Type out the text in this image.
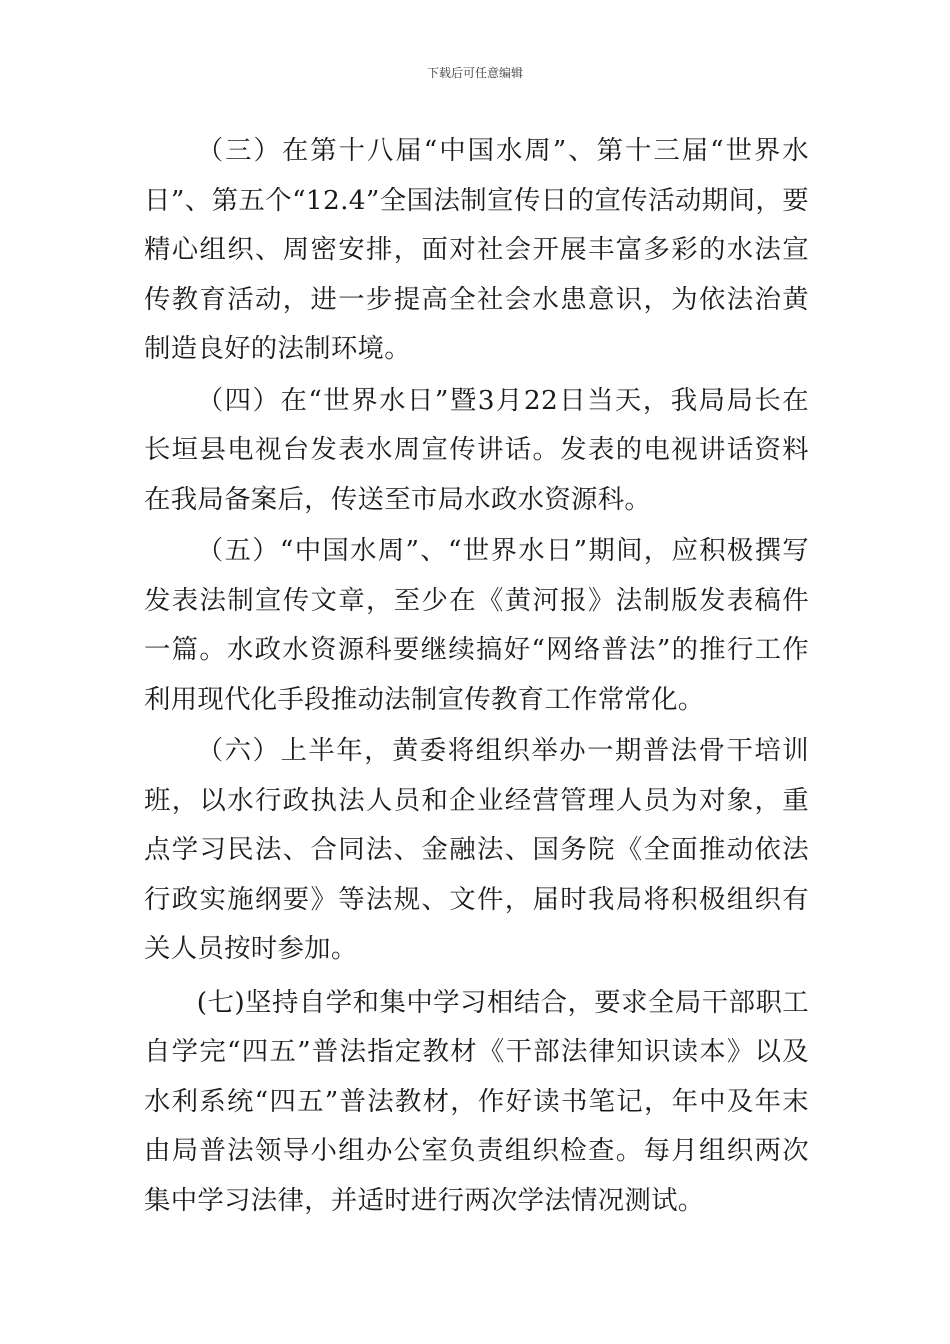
下载后可任意编辑

（三）在第十八届“中国水周”、第十三届“世界水日”、第五个“12.4”全国法制宣传日的宣传活动期间，要精心组织、周密安排，面对社会开展丰富多彩的水法宣传教育活动，进一步提高全社会水患意识，为依法治黄制造良好的法制环境。

（四）在“世界水日”暨3月22日当天，我局局长在长垣县电视台发表水周宣传讲话。发表的电视讲话资料在我局备案后，传送至市局水政水资源科。

（五）“中国水周”、“世界水日”期间，应积极撰写发表法制宣传文章，至少在《黄河报》法制版发表稿件一篇。水政水资源科要继续搞好“网络普法”的推行工作利用现代化手段推动法制宣传教育工作常常化。

（六）上半年，黄委将组织举办一期普法骨干培训班，以水行政执法人员和企业经营管理人员为对象，重点学习民法、合同法、金融法、国务院《全面推动依法行政实施纲要》等法规、文件，届时我局将积极组织有关人员按时参加。

(七)坚持自学和集中学习相结合，要求全局干部职工自学完“四五”普法指定教材《干部法律知识读本》以及水利系统“四五”普法教材，作好读书笔记，年中及年末由局普法领导小组办公室负责组织检查。每月组织两次集中学习法律，并适时进行两次学法情况测试。
